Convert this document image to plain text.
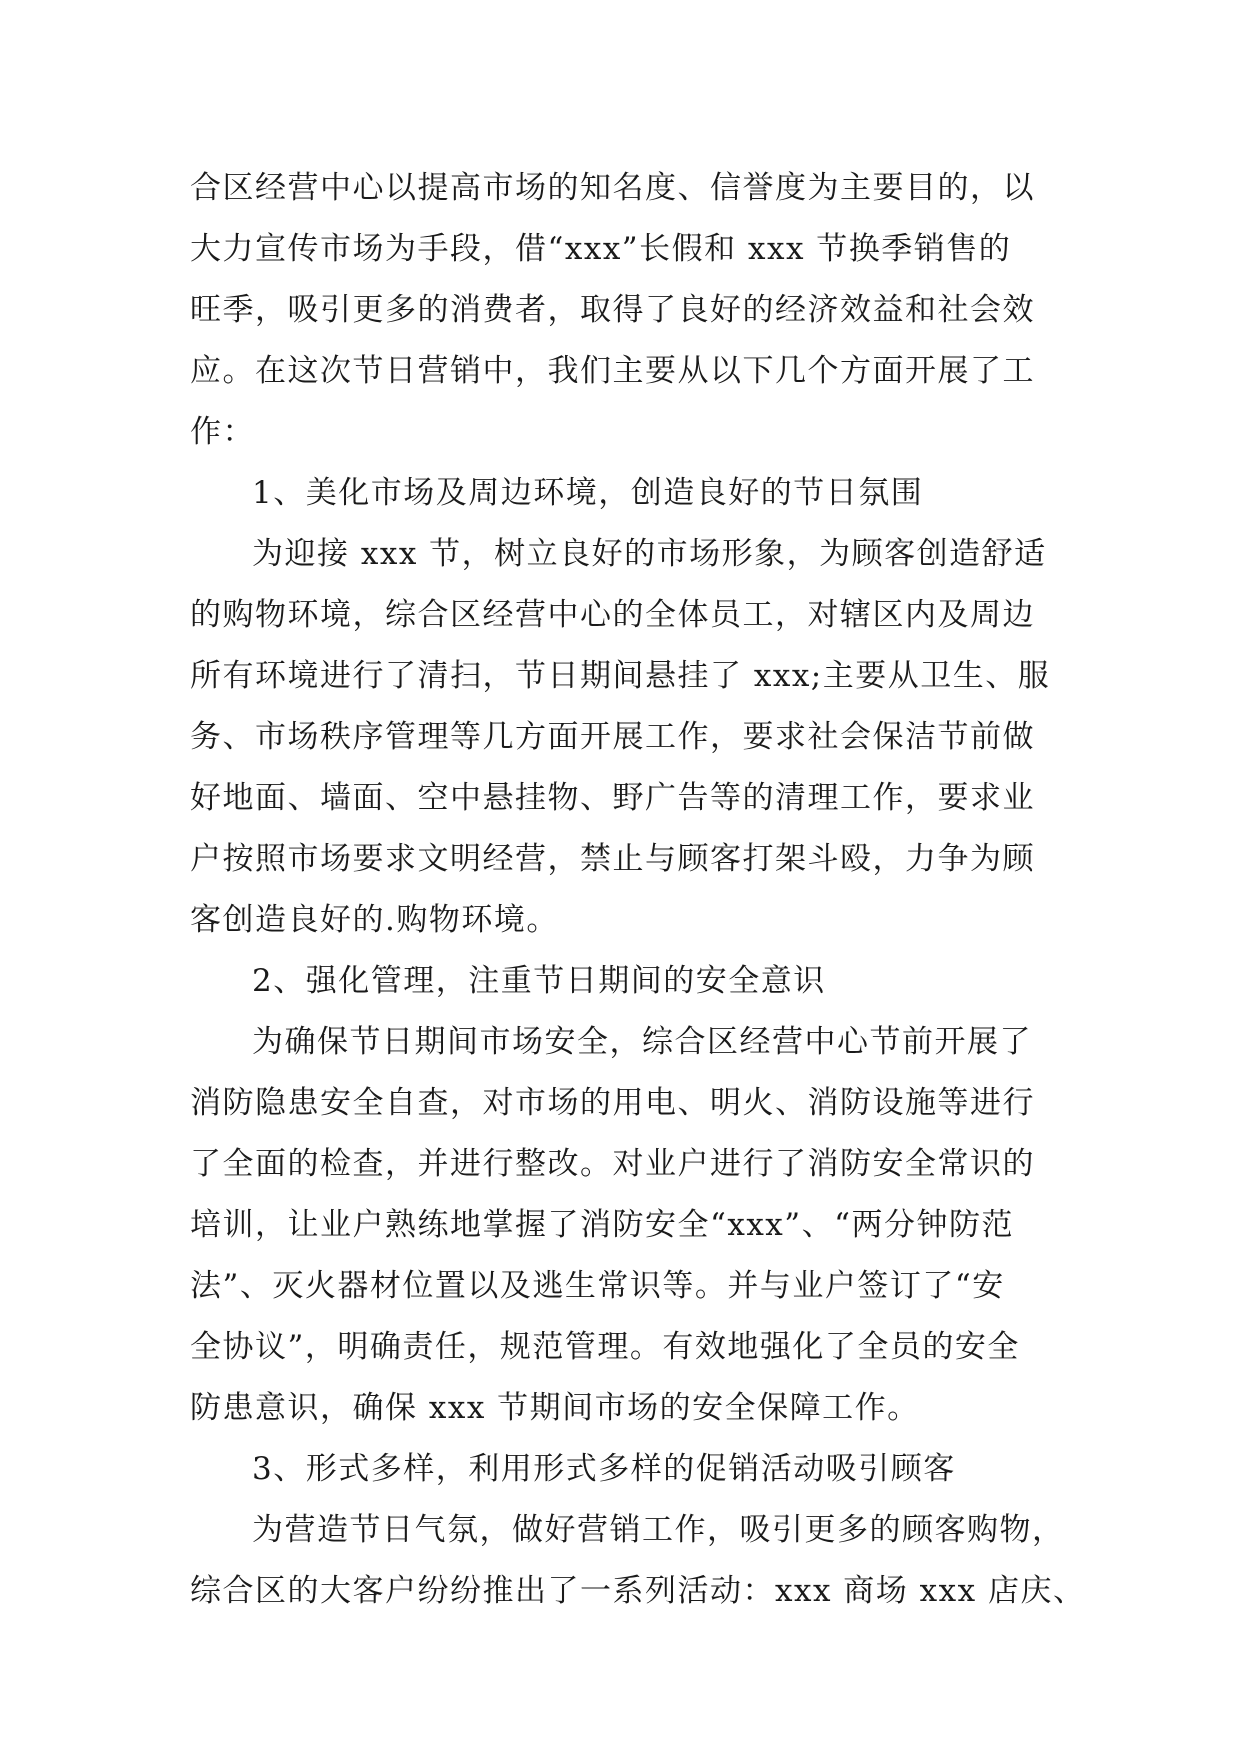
合区经营中心以提高市场的知名度、信誉度为主要目的，以
大力宣传市场为手段，借“xxx”长假和 xxx 节换季销售的
旺季，吸引更多的消费者，取得了良好的经济效益和社会效
应。在这次节日营销中，我们主要从以下几个方面开展了工
作：
1、美化市场及周边环境，创造良好的节日氛围
为迎接 xxx 节，树立良好的市场形象，为顾客创造舒适
的购物环境，综合区经营中心的全体员工，对辖区内及周边
所有环境进行了清扫，节日期间悬挂了 xxx;主要从卫生、服
务、市场秩序管理等几方面开展工作，要求社会保洁节前做
好地面、墙面、空中悬挂物、野广告等的清理工作，要求业
户按照市场要求文明经营，禁止与顾客打架斗殴，力争为顾
客创造良好的.购物环境。
2、强化管理，注重节日期间的安全意识
为确保节日期间市场安全，综合区经营中心节前开展了
消防隐患安全自查，对市场的用电、明火、消防设施等进行
了全面的检查，并进行整改。对业户进行了消防安全常识的
培训，让业户熟练地掌握了消防安全“xxx”、“两分钟防范
法”、灭火器材位置以及逃生常识等。并与业户签订了“安
全协议”，明确责任，规范管理。有效地强化了全员的安全
防患意识，确保 xxx 节期间市场的安全保障工作。
3、形式多样，利用形式多样的促销活动吸引顾客
为营造节日气氛，做好营销工作，吸引更多的顾客购物，
综合区的大客户纷纷推出了一系列活动：xxx 商场 xxx 店庆、
